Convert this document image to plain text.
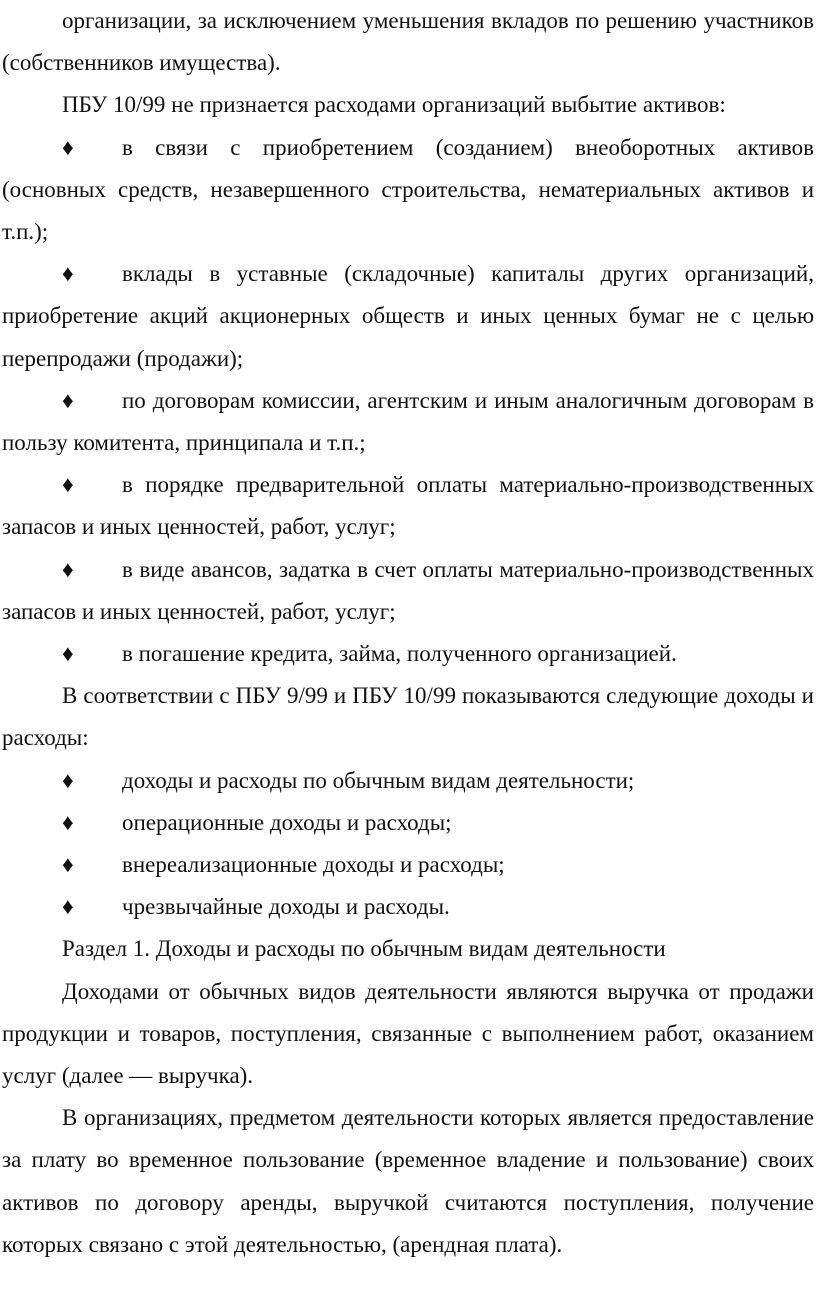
организации, за исключением уменьшения вкладов по решению участников (собственников имущества).

ПБУ 10/99 не признается расходами организаций выбытие активов:

♦ в связи с приобретением (созданием) внеоборотных активов (основных средств, незавершенного строительства, нематериальных активов и т.п.);

♦ вклады в уставные (складочные) капиталы других организаций, приобретение акций акционерных обществ и иных ценных бумаг не с целью перепродажи (продажи);

♦ по договорам комиссии, агентским и иным аналогичным договорам в пользу комитента, принципала и т.п.;

♦ в порядке предварительной оплаты материально-производственных запасов и иных ценностей, работ, услуг;

♦ в виде авансов, задатка в счет оплаты материально-производственных запасов и иных ценностей, работ, услуг;

♦ в погашение кредита, займа, полученного организацией.

В соответствии с ПБУ 9/99 и ПБУ 10/99 показываются следующие доходы и расходы:

♦ доходы и расходы по обычным видам деятельности;

♦ операционные доходы и расходы;

♦ внереализационные доходы и расходы;

♦ чрезвычайные доходы и расходы.

Раздел 1. Доходы и расходы по обычным видам деятельности

Доходами от обычных видов деятельности являются выручка от продажи продукции и товаров, поступления, связанные с выполнением работ, оказанием услуг (далее — выручка).

В организациях, предметом деятельности которых является предоставление за плату во временное пользование (временное владение и пользование) своих активов по договору аренды, выручкой считаются поступления, получение которых связано с этой деятельностью, (арендная плата).
